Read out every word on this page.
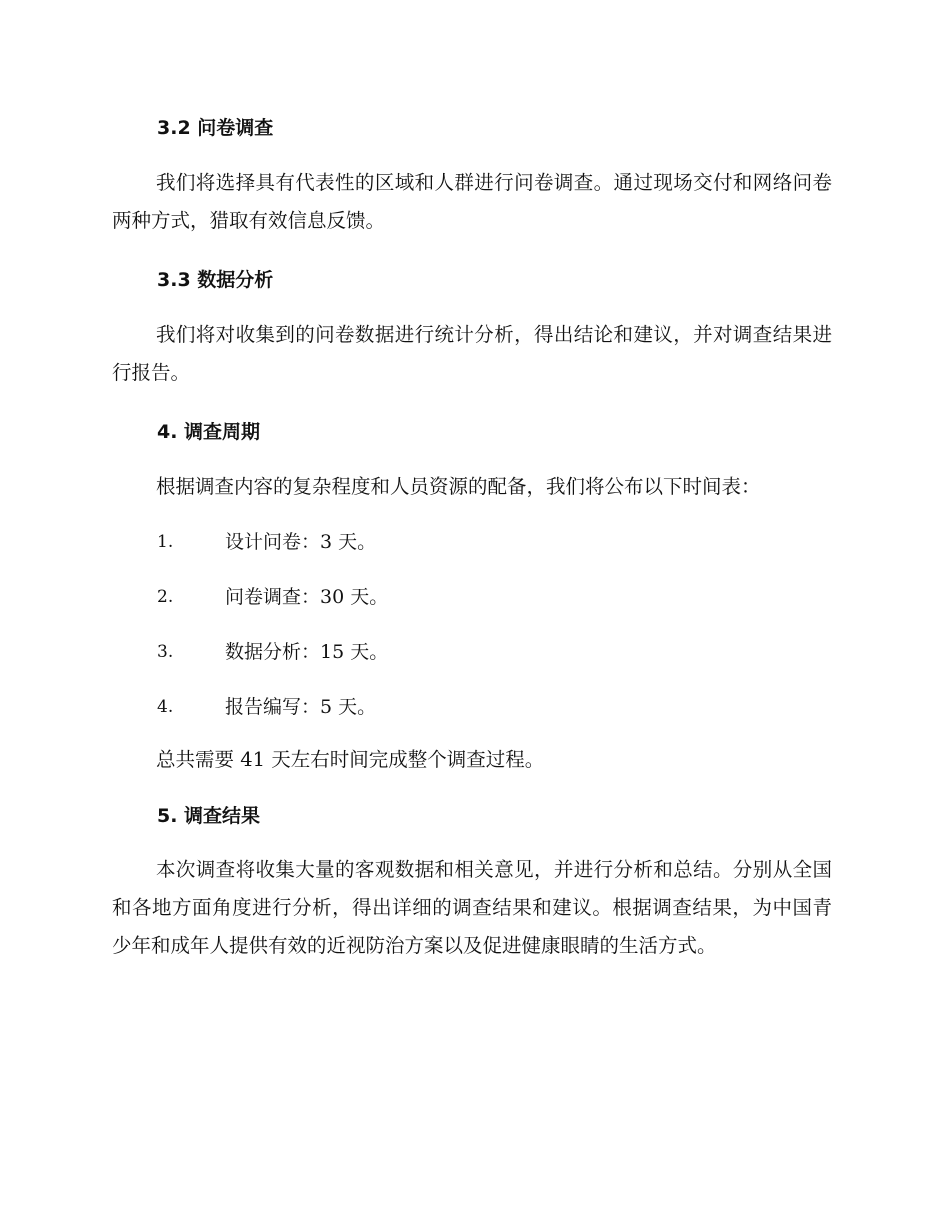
3.2 问卷调查

我们将选择具有代表性的区域和人群进行问卷调查。通过现场交付和网络问卷两种方式，猎取有效信息反馈。

3.3 数据分析

我们将对收集到的问卷数据进行统计分析，得出结论和建议，并对调查结果进行报告。

4. 调查周期

根据调查内容的复杂程度和人员资源的配备，我们将公布以下时间表：

1.	设计问卷：3 天。
2.	问卷调查：30 天。
3.	数据分析：15 天。
4.	报告编写：5 天。

总共需要 41 天左右时间完成整个调查过程。

5. 调查结果

本次调查将收集大量的客观数据和相关意见，并进行分析和总结。分别从全国和各地方面角度进行分析，得出详细的调查结果和建议。根据调查结果，为中国青少年和成年人提供有效的近视防治方案以及促进健康眼睛的生活方式。
